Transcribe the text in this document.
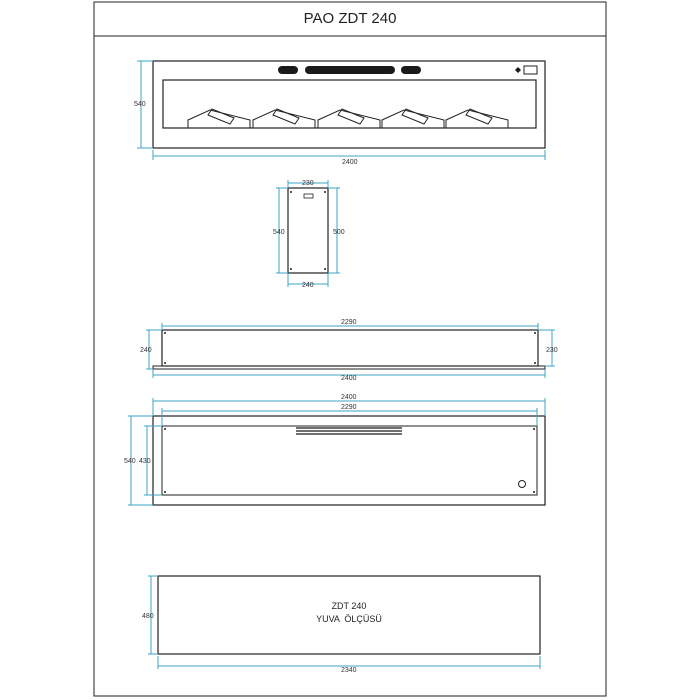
PAO ZDT 240
540
2400
230
240
540	500
2290
2400
240	230
2400
2290
540 430
ZDT 240
YUVA  ÖLÇÜSÜ
480
2340
